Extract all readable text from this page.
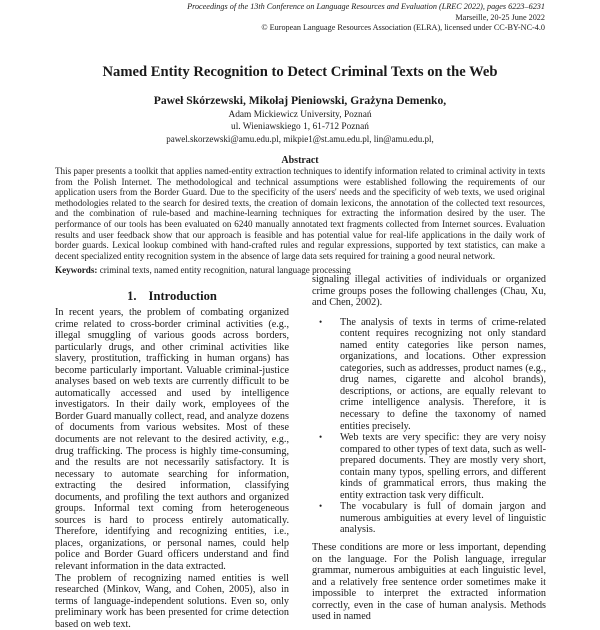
Proceedings of the 13th Conference on Language Resources and Evaluation (LREC 2022), pages 6223–6231
Marseille, 20-25 June 2022
© European Language Resources Association (ELRA), licensed under CC-BY-NC-4.0
Named Entity Recognition to Detect Criminal Texts on the Web
Paweł Skórzewski, Mikołaj Pieniowski, Grażyna Demenko,
Adam Mickiewicz University, Poznań
ul. Wieniawskiego 1, 61-712 Poznań
pawel.skorzewski@amu.edu.pl, mikpie1@st.amu.edu.pl, lin@amu.edu.pl,
Abstract
This paper presents a toolkit that applies named-entity extraction techniques to identify information related to criminal activity in texts from the Polish Internet. The methodological and technical assumptions were established following the requirements of our application users from the Border Guard. Due to the specificity of the users' needs and the specificity of web texts, we used original methodologies related to the search for desired texts, the creation of domain lexicons, the annotation of the collected text resources, and the combination of rule-based and machine-learning techniques for extracting the information desired by the user. The performance of our tools has been evaluated on 6240 manually annotated text fragments collected from Internet sources. Evaluation results and user feedback show that our approach is feasible and has potential value for real-life applications in the daily work of border guards. Lexical lookup combined with hand-crafted rules and regular expressions, supported by text statistics, can make a decent specialized entity recognition system in the absence of large data sets required for training a good neural network.
Keywords: criminal texts, named entity recognition, natural language processing
1. Introduction

In recent years, the problem of combating organized crime related to cross-border criminal activities (e.g., illegal smuggling of various goods across borders, particularly drugs, and other criminal activities like slavery, prostitution, trafficking in human organs) has become particularly important. Valuable criminal-justice analyses based on web texts are currently difficult to be automatically accessed and used by intelligence investigators. In their daily work, employees of the Border Guard manually collect, read, and analyze dozens of documents from various websites. Most of these documents are not relevant to the desired activity, e.g., drug trafficking. The process is highly time-consuming, and the results are not necessarily satisfactory. It is necessary to automate searching for information, extracting the desired information, classifying documents, and profiling the text authors and organized groups. Informal text coming from heterogeneous sources is hard to process entirely automatically. Therefore, identifying and recognizing entities, i.e., places, organizations, or personal names, could help police and Border Guard officers understand and find relevant information in the data extracted.

The problem of recognizing named entities is well researched (Minkov, Wang, and Cohen, 2005), also in terms of language-independent solutions. Even so, only preliminary work has been presented for crime detection based on web text.

signaling illegal activities of individuals or organized crime groups poses the following challenges (Chau, Xu, and Chen, 2002).

• The analysis of texts in terms of crime-related content requires recognizing not only standard named entity categories like person names, organizations, and locations. Other expression categories, such as addresses, product names (e.g., drug names, cigarette and alcohol brands), descriptions, or actions, are equally relevant to crime intelligence analysis. Therefore, it is necessary to define the taxonomy of named entities precisely.
• Web texts are very specific: they are very noisy compared to other types of text data, such as well-prepared documents. They are mostly very short, contain many typos, spelling errors, and different kinds of grammatical errors, thus making the entity extraction task very difficult.
• The vocabulary is full of domain jargon and numerous ambiguities at every level of linguistic analysis.

These conditions are more or less important, depending on the language. For the Polish language, irregular grammar, numerous ambiguities at each linguistic level, and a relatively free sentence order sometimes make it impossible to interpret the extracted information correctly, even in the case of human analysis. Methods used in named
